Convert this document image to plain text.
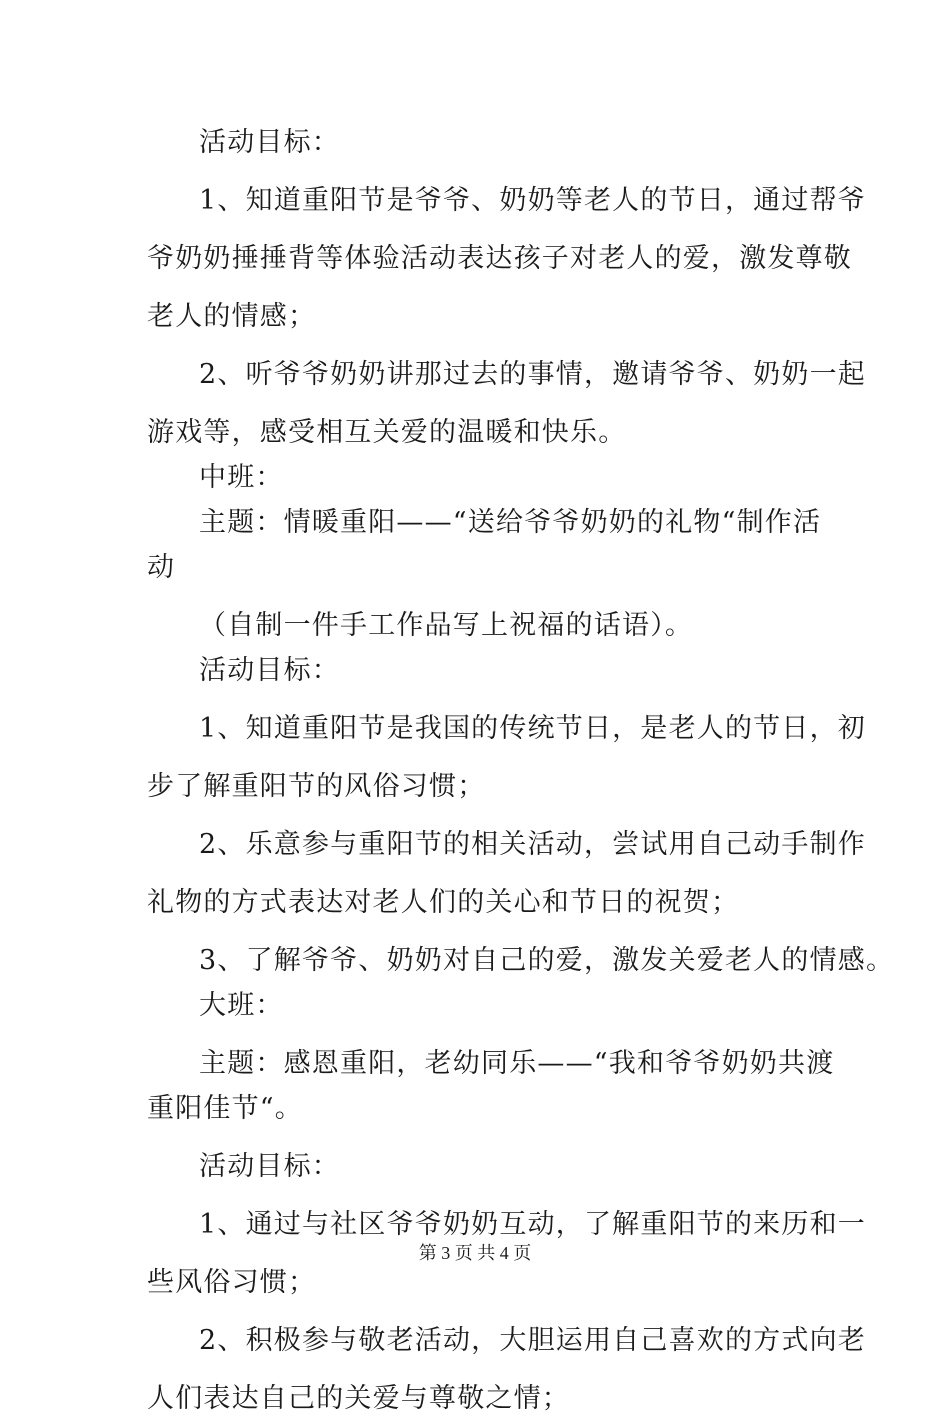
活动目标：
1、知道重阳节是爷爷、奶奶等老人的节日，通过帮爷
爷奶奶捶捶背等体验活动表达孩子对老人的爱，激发尊敬
老人的情感；
2、听爷爷奶奶讲那过去的事情，邀请爷爷、奶奶一起
游戏等，感受相互关爱的温暖和快乐。
中班：
主题：情暖重阳——“送给爷爷奶奶的礼物“制作活
动
（自制一件手工作品写上祝福的话语）。
活动目标：
1、知道重阳节是我国的传统节日，是老人的节日，初
步了解重阳节的风俗习惯；
2、乐意参与重阳节的相关活动，尝试用自己动手制作
礼物的方式表达对老人们的关心和节日的祝贺；
3、了解爷爷、奶奶对自己的爱，激发关爱老人的情感。
大班：
主题：感恩重阳，老幼同乐——“我和爷爷奶奶共渡
重阳佳节“。
活动目标：
1、通过与社区爷爷奶奶互动，了解重阳节的来历和一
些风俗习惯；
2、积极参与敬老活动，大胆运用自己喜欢的方式向老
人们表达自己的关爱与尊敬之情；
第 3 页 共 4 页
